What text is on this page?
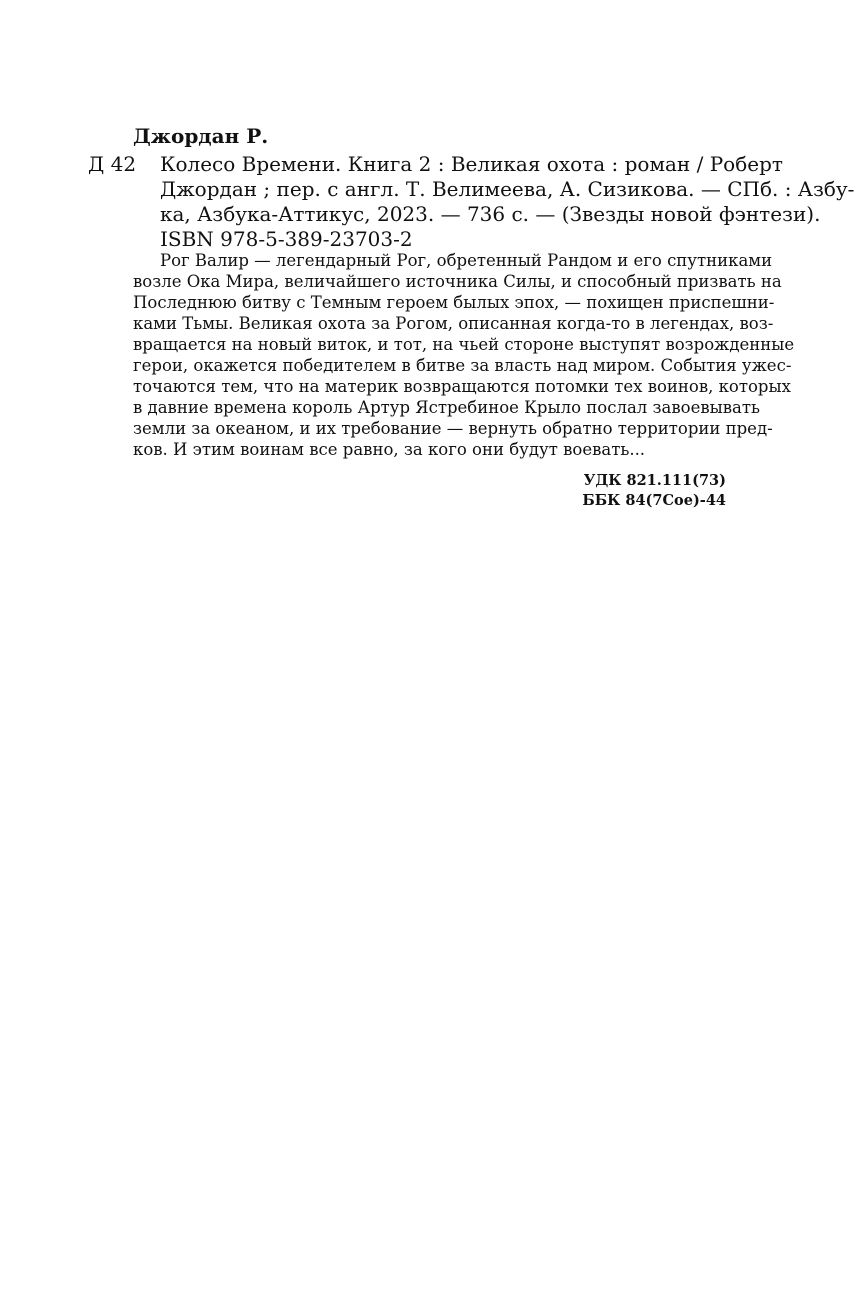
Джордан Р.
Д 42 Колесо Времени. Книга 2 : Великая охота : роман / Роберт
Джордан ; пер. с англ. Т. Велимеева, А. Сизикова. — СПб. : Азбу-
ка, Азбука-Аттикус, 2023. — 736 с. — (Звезды новой фэнтези).
ISBN 978-5-389-23703-2
Рог Валир — легендарный Рог, обретенный Рандом и его спутниками
возле Ока Мира, величайшего источника Силы, и способный призвать на
Последнюю битву с Темным героем былых эпох, — похищен приспешни-
ками Тьмы. Великая охота за Рогом, описанная когда-то в легендах, воз-
вращается на новый виток, и тот, на чьей стороне выступят возрожденные
герои, окажется победителем в битве за власть над миром. События ужес-
точаются тем, что на материк возвращаются потомки тех воинов, которых
в давние времена король Артур Ястребиное Крыло послал завоевывать
земли за океаном, и их требование — вернуть обратно территории пред-
ков. И этим воинам все равно, за кого они будут воевать...
УДК 821.111(73)
ББК 84(7Сое)-44
